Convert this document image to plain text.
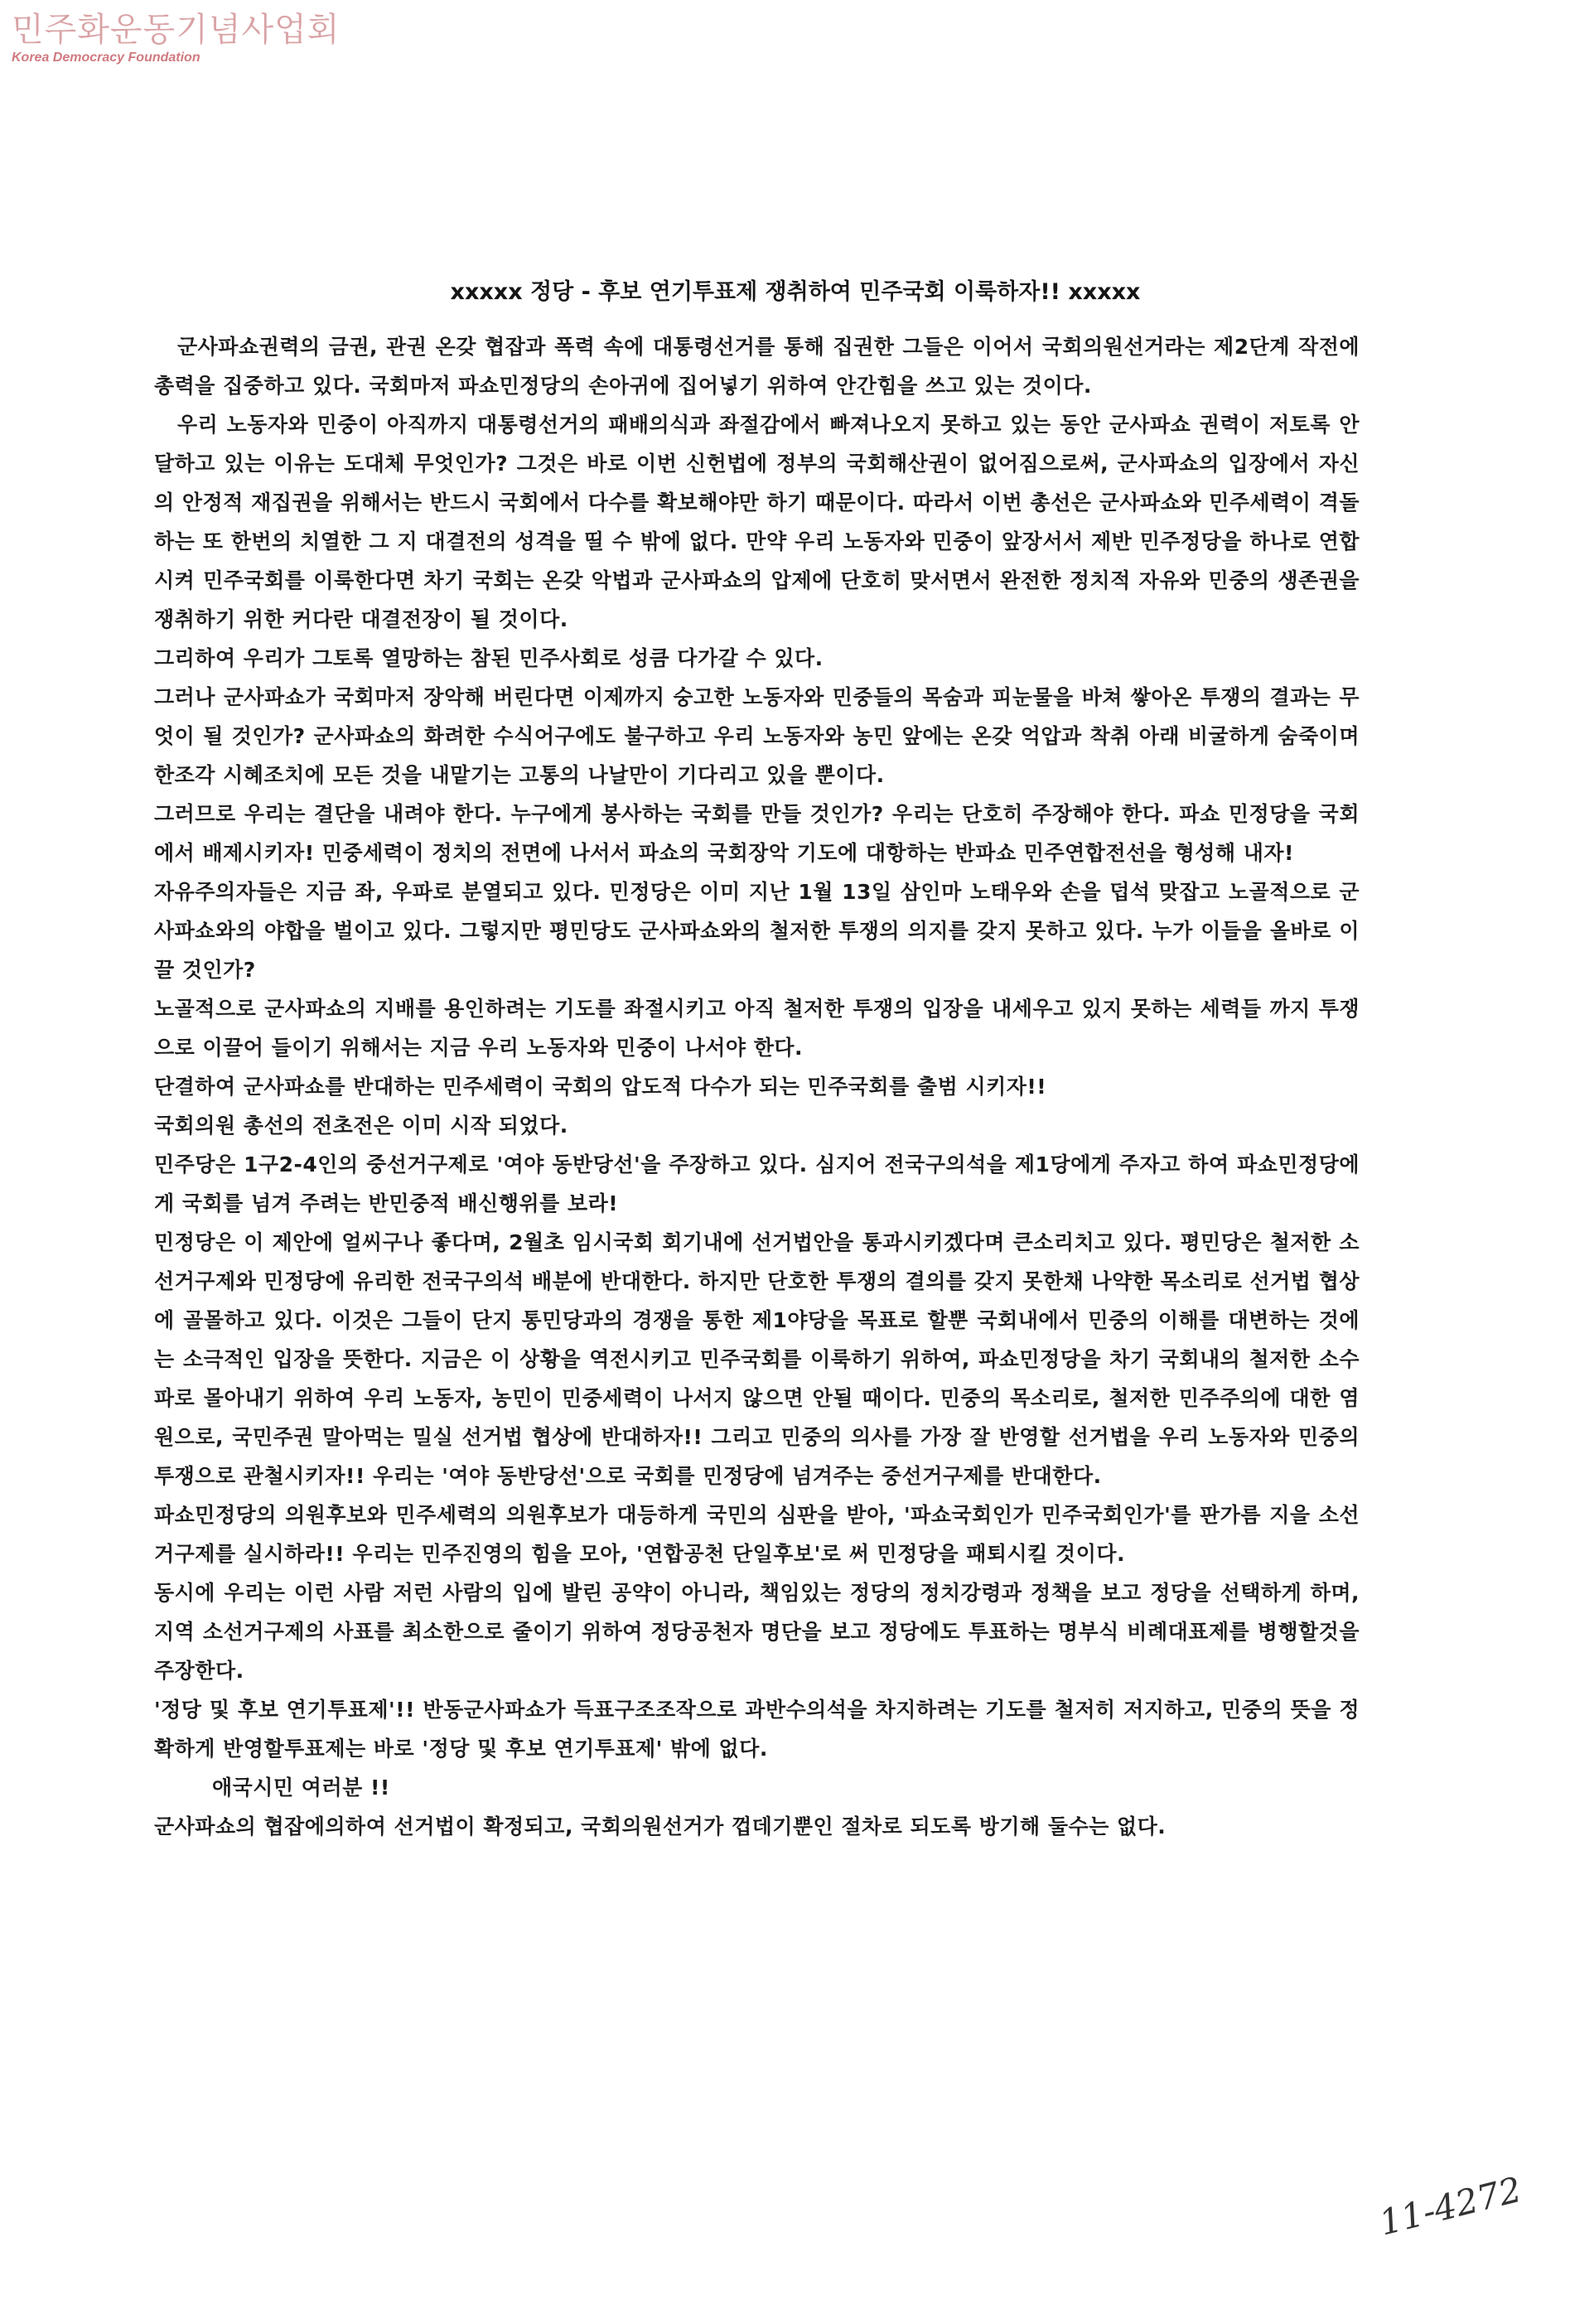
민주화운동기념사업회
Korea Democracy Foundation
xxxxx 정당 - 후보 연기투표제 쟁취하여 민주국회 이룩하자!! xxxxx

군사파쇼권력의 금권, 관권 온갖 협잡과 폭력 속에 대통령선거를 통해 집권한 그들은 이어서 국회의원선거라는 제2단계 작전에 총력을 집중하고 있다. 국회마저 파쇼민정당의 손아귀에 집어넣기 위하여 안간힘을 쓰고 있는 것이다.

우리 노동자와 민중이 아직까지 대통령선거의 패배의식과 좌절감에서 빠져나오지 못하고 있는 동안 군사파쇼 권력이 저토록 안달하고 있는 이유는 도대체 무엇인가? 그것은 바로 이번 신헌법에 정부의 국회해산권이 없어짐으로써, 군사파쇼의 입장에서 자신의 안정적 재집권을 위해서는 반드시 국회에서 다수를 확보해야만 하기 때문이다. 따라서 이번 총선은 군사파쇼와 민주세력이 격돌하는 또 한번의 치열한 그 지 대결전의 성격을 띨 수 밖에 없다. 만약 우리 노동자와 민중이 앞장서서 제반 민주정당을 하나로 연합시켜 민주국회를 이룩한다면 차기 국회는 온갖 악법과 군사파쇼의 압제에 단호히 맞서면서 완전한 정치적 자유와 민중의 생존권을 쟁취하기 위한 커다란 대결전장이 될 것이다.

그리하여 우리가 그토록 열망하는 참된 민주사회로 성큼 다가갈 수 있다.

그러나 군사파쇼가 국회마저 장악해 버린다면 이제까지 숭고한 노동자와 민중들의 목숨과 피눈물을 바쳐 쌓아온 투쟁의 결과는 무엇이 될 것인가? 군사파쇼의 화려한 수식어구에도 불구하고 우리 노동자와 농민 앞에는 온갖 억압과 착취 아래 비굴하게 숨죽이며 한조각 시혜조치에 모든 것을 내맡기는 고통의 나날만이 기다리고 있을 뿐이다.

그러므로 우리는 결단을 내려야 한다. 누구에게 봉사하는 국회를 만들 것인가? 우리는 단호히 주장해야 한다. 파쇼 민정당을 국회에서 배제시키자! 민중세력이 정치의 전면에 나서서 파쇼의 국회장악 기도에 대항하는 반파쇼 민주연합전선을 형성해 내자!

자유주의자들은 지금 좌, 우파로 분열되고 있다. 민정당은 이미 지난 1월 13일 삼인마 노태우와 손을 덥석 맞잡고 노골적으로 군사파쇼와의 야합을 벌이고 있다. 그렇지만 평민당도 군사파쇼와의 철저한 투쟁의 의지를 갖지 못하고 있다. 누가 이들을 올바로 이끌 것인가?

노골적으로 군사파쇼의 지배를 용인하려는 기도를 좌절시키고 아직 철저한 투쟁의 입장을 내세우고 있지 못하는 세력들 까지 투쟁으로 이끌어 들이기 위해서는 지금 우리 노동자와 민중이 나서야 한다.

단결하여 군사파쇼를 반대하는 민주세력이 국회의 압도적 다수가 되는 민주국회를 출범 시키자!!

국회의원 총선의 전초전은 이미 시작 되었다.

민주당은 1구2-4인의 중선거구제로 '여야 동반당선'을 주장하고 있다. 심지어 전국구의석을 제1당에게 주자고 하여 파쇼민정당에게 국회를 넘겨 주려는 반민중적 배신행위를 보라!

민정당은 이 제안에 얼씨구나 좋다며, 2월초 임시국회 회기내에 선거법안을 통과시키겠다며 큰소리치고 있다. 평민당은 철저한 소선거구제와 민정당에 유리한 전국구의석 배분에 반대한다. 하지만 단호한 투쟁의 결의를 갖지 못한채 나약한 목소리로 선거법 협상에 골몰하고 있다. 이것은 그들이 단지 통민당과의 경쟁을 통한 제1야당을 목표로 할뿐 국회내에서 민중의 이해를 대변하는 것에는 소극적인 입장을 뜻한다. 지금은 이 상황을 역전시키고 민주국회를 이룩하기 위하여, 파쇼민정당을 차기 국회내의 철저한 소수파로 몰아내기 위하여 우리 노동자, 농민이 민중세력이 나서지 않으면 안될 때이다. 민중의 목소리로, 철저한 민주주의에 대한 염원으로, 국민주권 말아먹는 밀실 선거법 협상에 반대하자!! 그리고 민중의 의사를 가장 잘 반영할 선거법을 우리 노동자와 민중의 투쟁으로 관철시키자!! 우리는 '여야 동반당선'으로 국회를 민정당에 넘겨주는 중선거구제를 반대한다.

파쇼민정당의 의원후보와 민주세력의 의원후보가 대등하게 국민의 심판을 받아, '파쇼국회인가 민주국회인가'를 판가름 지을 소선거구제를 실시하라!! 우리는 민주진영의 힘을 모아, '연합공천 단일후보'로 써 민정당을 패퇴시킬 것이다.

동시에 우리는 이런 사람 저런 사람의 입에 발린 공약이 아니라, 책임있는 정당의 정치강령과 정책을 보고 정당을 선택하게 하며, 지역 소선거구제의 사표를 최소한으로 줄이기 위하여 정당공천자 명단을 보고 정당에도 투표하는 명부식 비례대표제를 병행할것을 주장한다.

'정당 및 후보 연기투표제'!! 반동군사파쇼가 득표구조조작으로 과반수의석을 차지하려는 기도를 철저히 저지하고, 민중의 뜻을 정확하게 반영할투표제는 바로 '정당 및 후보 연기투표제' 밖에 없다.

애국시민 여러분 !!

군사파쇼의 협잡에의하여 선거법이 확정되고, 국회의원선거가 껍데기뿐인 절차로 되도록 방기해 둘수는 없다.

11-4272
